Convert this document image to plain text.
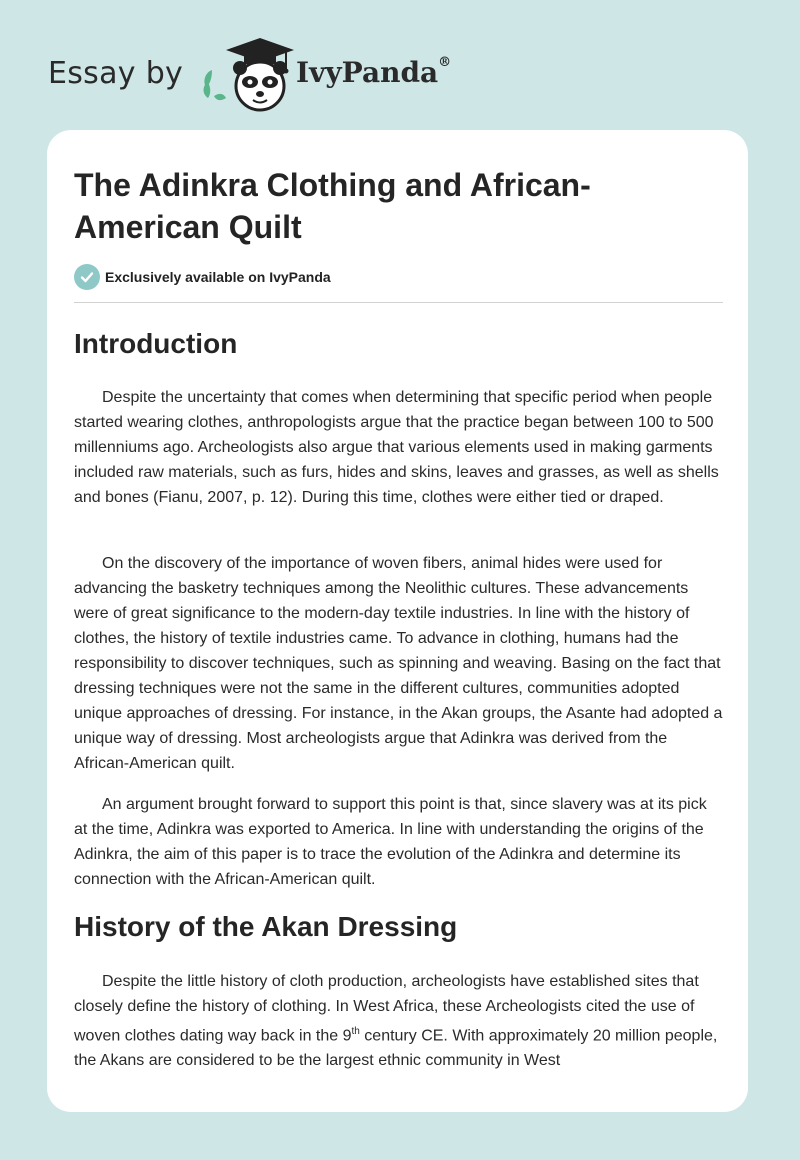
Essay by	IvyPanda®
The Adinkra Clothing and African-American Quilt
Exclusively available on IvyPanda
Introduction

Despite the uncertainty that comes when determining that specific period when people started wearing clothes, anthropologists argue that the practice began between 100 to 500 millenniums ago. Archeologists also argue that various elements used in making garments included raw materials, such as furs, hides and skins, leaves and grasses, as well as shells and bones (Fianu, 2007, p. 12). During this time, clothes were either tied or draped.

On the discovery of the importance of woven fibers, animal hides were used for advancing the basketry techniques among the Neolithic cultures. These advancements were of great significance to the modern-day textile industries. In line with the history of clothes, the history of textile industries came. To advance in clothing, humans had the responsibility to discover techniques, such as spinning and weaving. Basing on the fact that dressing techniques were not the same in the different cultures, communities adopted unique approaches of dressing. For instance, in the Akan groups, the Asante had adopted a unique way of dressing. Most archeologists argue that Adinkra was derived from the African-American quilt.

An argument brought forward to support this point is that, since slavery was at its pick at the time, Adinkra was exported to America. In line with understanding the origins of the Adinkra, the aim of this paper is to trace the evolution of the Adinkra and determine its connection with the African-American quilt.

History of the Akan Dressing

Despite the little history of cloth production, archeologists have established sites that closely define the history of clothing. In West Africa, these Archeologists cited the use of woven clothes dating way back in the 9th century CE. With approximately 20 million people, the Akans are considered to be the largest ethnic community in West
